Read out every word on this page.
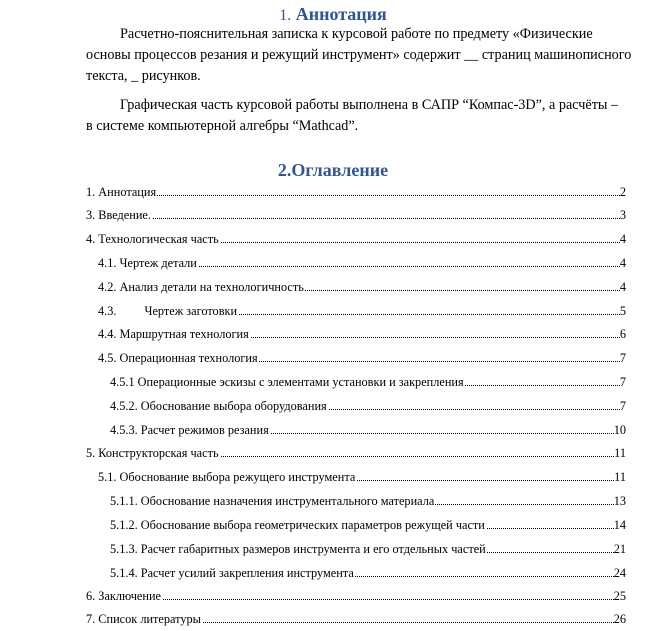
1. Аннотация
Расчетно-пояснительная записка к курсовой работе по предмету «Физические
основы процессов резания и режущий инструмент» содержит __ страниц машинописного
текста, _ рисунков.
Графическая часть курсовой работы выполнена в САПР “Компас-3D”, а расчёты –
в системе компьютерной алгебры “Mathcad”.
2.Оглавление
1. Аннотация	2
3. Введение.	3
4. Технологическая часть	4
4.1. Чертеж детали	4
4.2. Анализ детали на технологичность	4
4.3. Чертеж заготовки	5
4.4. Маршрутная технология	6
4.5. Операционная технология	7
4.5.1 Операционные эскизы с элементами установки и закрепления	7
4.5.2. Обоснование выбора оборудования	7
4.5.3. Расчет режимов резания	10
5. Конструкторская часть	11
5.1. Обоснование выбора режущего инструмента	11
5.1.1. Обоснование назначения инструментального материала	13
5.1.2. Обоснование выбора геометрических параметров режущей части	14
5.1.3. Расчет габаритных размеров инструмента и его отдельных частей	21
5.1.4. Расчет усилий закрепления инструмента	24
6. Заключение	25
7. Список литературы	26
